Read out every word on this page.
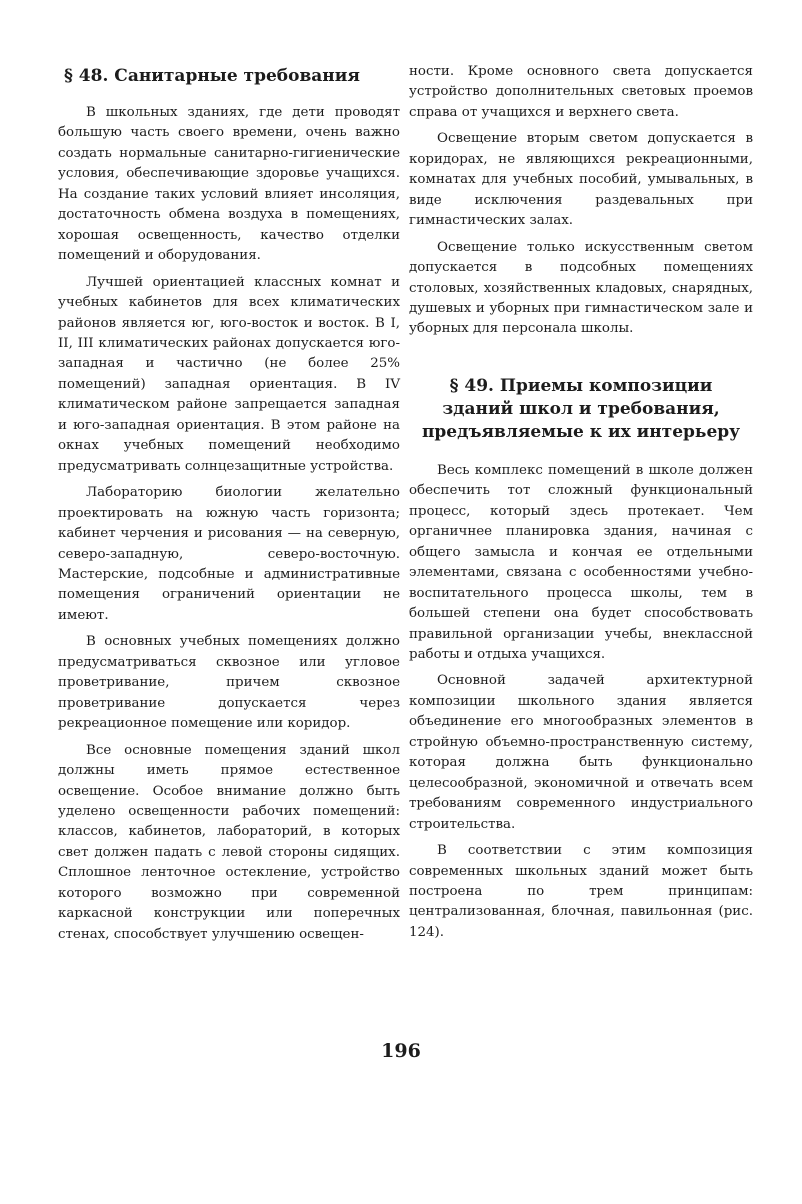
§ 48. Санитарные требования

В школьных зданиях, где дети проводят большую часть своего времени, очень важно создать нормальные санитарно-гигиенические условия, обеспечивающие здоровье учащихся. На создание таких условий влияет инсоляция, достаточность обмена воздуха в помещениях, хорошая освещенность, качество отделки помещений и оборудования.

Лучшей ориентацией классных комнат и учебных кабинетов для всех климатических районов является юг, юго-восток и восток. В I, II, III климатических районах допускается юго-западная и частично (не более 25% помещений) западная ориентация. В IV климатическом районе запрещается западная и юго-западная ориентация. В этом районе на окнах учебных помещений необходимо предусматривать солнцезащитные устройства.

Лабораторию биологии желательно проектировать на южную часть горизонта; кабинет черчения и рисования — на северную, северо-западную, северо-восточную. Мастерские, подсобные и административные помещения ограничений ориентации не имеют.

В основных учебных помещениях должно предусматриваться сквозное или угловое проветривание, причем сквозное проветривание допускается через рекреационное помещение или коридор.

Все основные помещения зданий школ должны иметь прямое естественное освещение. Особое внимание должно быть уделено освещенности рабочих помещений: классов, кабинетов, лабораторий, в которых свет должен падать с левой стороны сидящих. Сплошное ленточное остекление, устройство которого возможно при современной каркасной конструкции или поперечных стенах, способствует улучшению освещен-

ности. Кроме основного света допускается устройство дополнительных световых проемов справа от учащихся и верхнего света.

Освещение вторым светом допускается в коридорах, не являющихся рекреационными, комнатах для учебных пособий, умывальных, в виде исключения раздевальных при гимнастических залах.

Освещение только искусственным светом допускается в подсобных помещениях столовых, хозяйственных кладовых, снарядных, душевых и уборных при гимнастическом зале и уборных для персонала школы.

§ 49. Приемы композиции
зданий школ и требования,
предъявляемые к их интерьеру

Весь комплекс помещений в школе должен обеспечить тот сложный функциональный процесс, который здесь протекает. Чем органичнее планировка здания, начиная с общего замысла и кончая ее отдельными элементами, связана с особенностями учебно-воспитательного процесса школы, тем в большей степени она будет способствовать правильной организации учебы, внеклассной работы и отдыха учащихся.

Основной задачей архитектурной композиции школьного здания является объединение его многообразных элементов в стройную объемно-пространственную систему, которая должна быть функционально целесообразной, экономичной и отвечать всем требованиям современного индустриального строительства.

В соответствии с этим композиция современных школьных зданий может быть построена по трем принципам: централизованная, блочная, павильонная (рис. 124).

196
